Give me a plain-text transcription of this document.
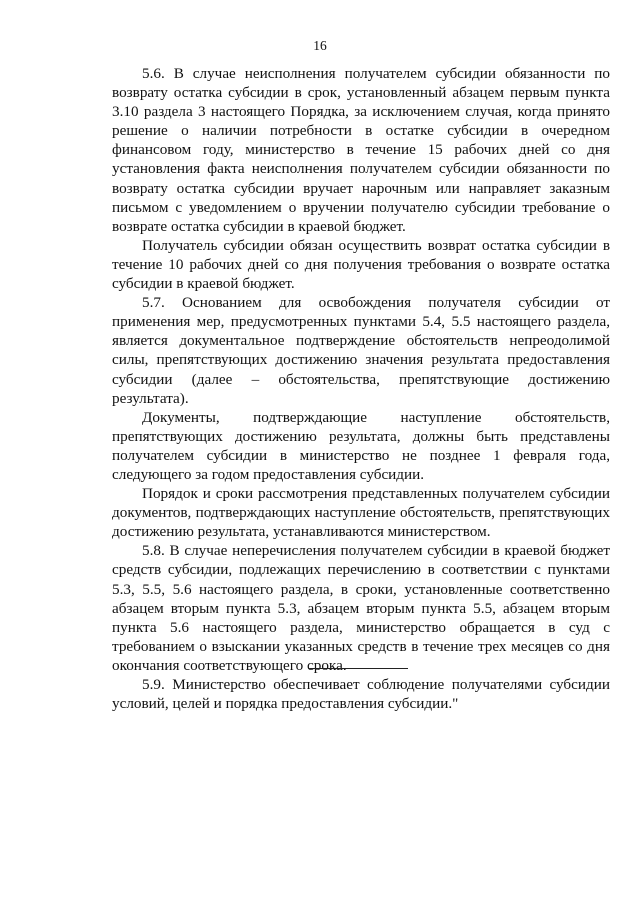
16

5.6. В случае неисполнения получателем субсидии обязанности по возврату остатка субсидии в срок, установленный абзацем первым пункта 3.10 раздела 3 настоящего Порядка, за исключением случая, когда принято решение о наличии потребности в остатке субсидии в очередном финансовом году, министерство в течение 15 рабочих дней со дня установления факта неисполнения получателем субсидии обязанности по возврату остатка субсидии вручает нарочным или направляет заказным письмом с уведомлением о вручении получателю субсидии требование о возврате остатка субсидии в краевой бюджет.

Получатель субсидии обязан осуществить возврат остатка субсидии в течение 10 рабочих дней со дня получения требования о возврате остатка субсидии в краевой бюджет.

5.7. Основанием для освобождения получателя субсидии от применения мер, предусмотренных пунктами 5.4, 5.5 настоящего раздела, является документальное подтверждение обстоятельств непреодолимой силы, препятствующих достижению значения результата предоставления субсидии (далее – обстоятельства, препятствующие достижению результата).

Документы, подтверждающие наступление обстоятельств, препятствующих достижению результата, должны быть представлены получателем субсидии в министерство не позднее 1 февраля года, следующего за годом предоставления субсидии.

Порядок и сроки рассмотрения представленных получателем субсидии документов, подтверждающих наступление обстоятельств, препятствующих достижению результата, устанавливаются министерством.

5.8. В случае неперечисления получателем субсидии в краевой бюджет средств субсидии, подлежащих перечислению в соответствии с пунктами 5.3, 5.5, 5.6 настоящего раздела, в сроки, установленные соответственно абзацем вторым пункта 5.3, абзацем вторым пункта 5.5, абзацем вторым пункта 5.6 настоящего раздела, министерство обращается в суд с требованием о взыскании указанных средств в течение трех месяцев со дня окончания соответствующего срока.

5.9. Министерство обеспечивает соблюдение получателями субсидии условий, целей и порядка предоставления субсидии."
